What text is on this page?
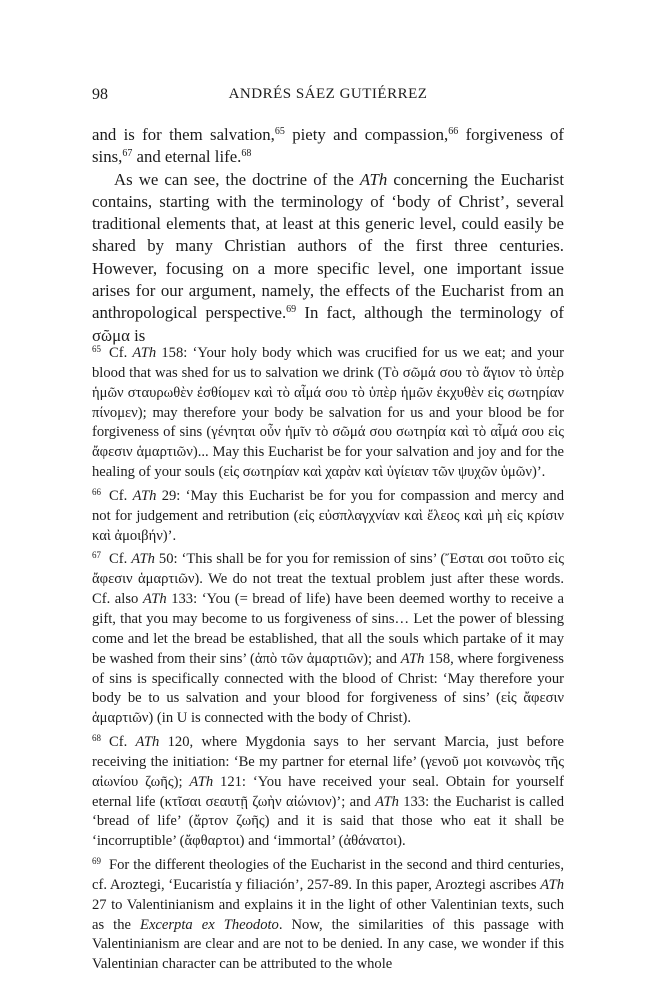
98	ANDRÉS SÁEZ GUTIÉRREZ

and is for them salvation,$^{65}$ piety and compassion,$^{66}$ forgiveness of sins,$^{67}$ and eternal life.$^{68}$

As we can see, the doctrine of the ATh concerning the Eucharist contains, starting with the terminology of ‘body of Christ’, several traditional elements that, at least at this generic level, could easily be shared by many Christian authors of the first three centuries. However, focusing on a more specific level, one important issue arises for our argument, namely, the effects of the Eucharist from an anthropological perspective.$^{69}$ In fact, although the terminology of σῶμα is

$^{65}$ Cf. ATh 158: ‘Your holy body which was crucified for us we eat; and your blood that was shed for us to salvation we drink (Τὸ σῶμά σου τὸ ἅγιον τὸ ὑπὲρ ἡμῶν σταυρωθὲν ἐσθίομεν καὶ τὸ αἷμά σου τὸ ὑπὲρ ἡμῶν ἐκχυθὲν εἰς σωτηρίαν πίνομεν); may therefore your body be salvation for us and your blood be for forgiveness of sins (γένηται οὖν ἡμῖν τὸ σῶμά σου σωτηρία καὶ τὸ αἷμά σου εἰς ἄφεσιν ἁμαρτιῶν)... May this Eucharist be for your salvation and joy and for the healing of your souls (εἰς σωτηρίαν καὶ χαρὰν καὶ ὑγίειαν τῶν ψυχῶν ὑμῶν)’.

$^{66}$ Cf. ATh 29: ‘May this Eucharist be for you for compassion and mercy and not for judgement and retribution (εἰς εὐσπλαγχνίαν καὶ ἔλεος καὶ μὴ εἰς κρίσιν καὶ ἀμοιβήν)’.

$^{67}$ Cf. ATh 50: ‘This shall be for you for remission of sins’ (Ἔσται σοι τοῦτο εἰς ἄφεσιν ἁμαρτιῶν). We do not treat the textual problem just after these words. Cf. also ATh 133: ‘You (= bread of life) have been deemed worthy to receive a gift, that you may become to us forgiveness of sins… Let the power of blessing come and let the bread be established, that all the souls which partake of it may be washed from their sins’ (ἀπὸ τῶν ἁμαρτιῶν); and ATh 158, where forgiveness of sins is specifically connected with the blood of Christ: ‘May therefore your body be to us salvation and your blood for forgiveness of sins’ (εἰς ἄφεσιν ἁμαρτιῶν) (in U is connected with the body of Christ).

$^{68}$ Cf. ATh 120, where Mygdonia says to her servant Marcia, just before receiving the initiation: ‘Be my partner for eternal life’ (γενοῦ μοι κοινωνὸς τῆς αἰωνίου ζωῆς); ATh 121: ‘You have received your seal. Obtain for yourself eternal life (κτῖσαι σεαυτῇ ζωὴν αἰώνιον)’; and ATh 133: the Eucharist is called ‘bread of life’ (ἄρτον ζωῆς) and it is said that those who eat it shall be ‘incorruptible’ (ἄφθαρτοι) and ‘immortal’ (ἀθάνατοι).

$^{69}$ For the different theologies of the Eucharist in the second and third centuries, cf. Aroztegi, ‘Eucaristía y filiación’, 257-89. In this paper, Aroztegi ascribes ATh 27 to Valentinianism and explains it in the light of other Valentinian texts, such as the Excerpta ex Theodoto. Now, the similarities of this passage with Valentinianism are clear and are not to be denied. In any case, we wonder if this Valentinian character can be attributed to the whole
